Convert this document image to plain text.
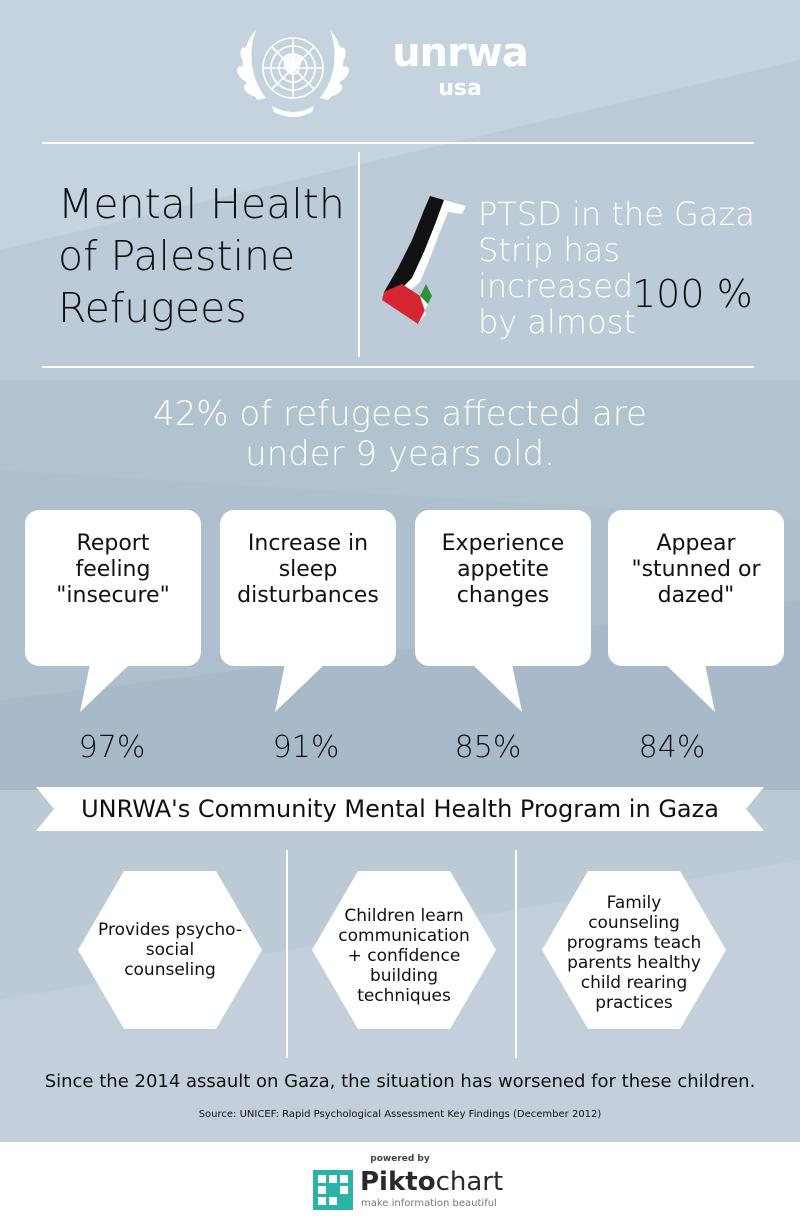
unrwa
usa
Mental Health
of Palestine
Refugees
PTSD in the Gaza
Strip has increased
by almost
100 %
42% of refugees affected are
under 9 years old.
Report
feeling
"insecure"
Increase in
sleep
disturbances
Experience
appetite
changes
Appear
"stunned or
dazed"
97%	91%	85%	84%
UNRWA's Community Mental Health Program in Gaza
Provides psycho-
social
counseling
Children learn
communication
+ confidence
building
techniques
Family
counseling
programs teach
parents healthy
child rearing
practices
Since the 2014 assault on Gaza, the situation has worsened for these children.
Source: UNICEF: Rapid Psychological Assessment Key Findings (December 2012)
powered by
Piktochart
make information beautiful
